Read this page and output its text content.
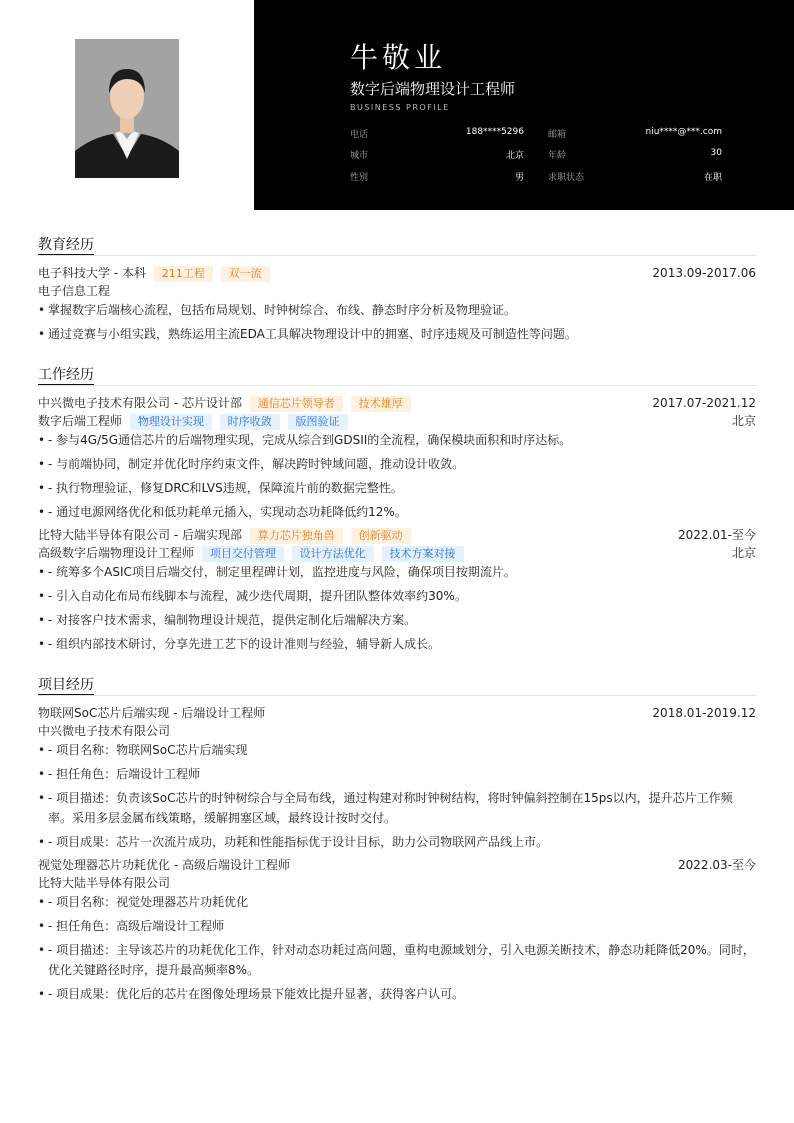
牛敬业
数字后端物理设计工程师
BUSINESS PROFILE
电话	188****5296	邮箱	niu****@***.com
城市	北京	年龄	30
性别	男	求职状态	在职
教育经历
电子科技大学 - 本科 211工程 双一流	2013.09-2017.06
电子信息工程
• 掌握数字后端核心流程，包括布局规划、时钟树综合、布线、静态时序分析及物理验证。
• 通过竞赛与小组实践，熟练运用主流EDA工具解决物理设计中的拥塞、时序违规及可制造性等问题。
工作经历
中兴微电子技术有限公司 - 芯片设计部 通信芯片领导者 技术雄厚	2017.07-2021.12
数字后端工程师 物理设计实现 时序收敛 版图验证	北京
• - 参与4G/5G通信芯片的后端物理实现，完成从综合到GDSII的全流程，确保模块面积和时序达标。
• - 与前端协同，制定并优化时序约束文件，解决跨时钟域问题，推动设计收敛。
• - 执行物理验证，修复DRC和LVS违规，保障流片前的数据完整性。
• - 通过电源网络优化和低功耗单元插入，实现动态功耗降低约12%。
比特大陆半导体有限公司 - 后端实现部 算力芯片独角兽 创新驱动	2022.01-至今
高级数字后端物理设计工程师 项目交付管理 设计方法优化 技术方案对接	北京
• - 统筹多个ASIC项目后端交付，制定里程碑计划，监控进度与风险，确保项目按期流片。
• - 引入自动化布局布线脚本与流程，减少迭代周期，提升团队整体效率约30%。
• - 对接客户技术需求，编制物理设计规范，提供定制化后端解决方案。
• - 组织内部技术研讨，分享先进工艺下的设计准则与经验，辅导新人成长。
项目经历
物联网SoC芯片后端实现 - 后端设计工程师	2018.01-2019.12
中兴微电子技术有限公司
• - 项目名称：物联网SoC芯片后端实现
• - 担任角色：后端设计工程师
• - 项目描述：负责该SoC芯片的时钟树综合与全局布线，通过构建对称时钟树结构，将时钟偏斜控制在15ps以内，提升芯片工作频率。采用多层金属布线策略，缓解拥塞区域，最终设计按时交付。
• - 项目成果：芯片一次流片成功，功耗和性能指标优于设计目标，助力公司物联网产品线上市。
视觉处理器芯片功耗优化 - 高级后端设计工程师	2022.03-至今
比特大陆半导体有限公司
• - 项目名称：视觉处理器芯片功耗优化
• - 担任角色：高级后端设计工程师
• - 项目描述：主导该芯片的功耗优化工作，针对动态功耗过高问题，重构电源域划分，引入电源关断技术，静态功耗降低20%。同时，优化关键路径时序，提升最高频率8%。
• - 项目成果：优化后的芯片在图像处理场景下能效比提升显著，获得客户认可。
